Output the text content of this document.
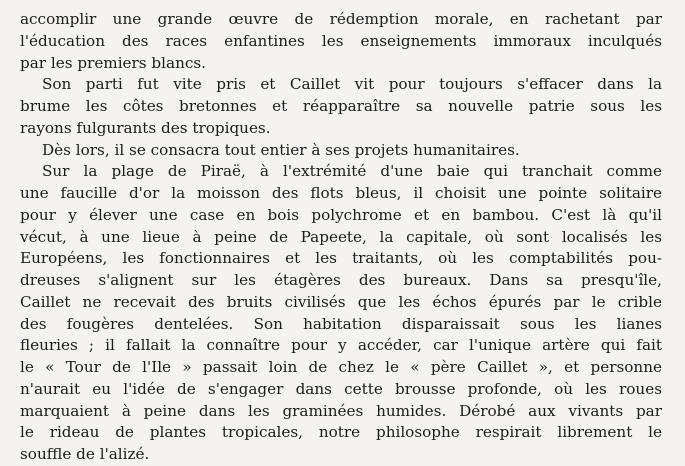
accomplir une grande œuvre de rédemption morale, en rachetant par
l'éducation des races enfantines les enseignements immoraux inculqués
par les premiers blancs.
Son parti fut vite pris et Caillet vit pour toujours s'effacer dans la
brume les côtes bretonnes et réapparaître sa nouvelle patrie sous les
rayons fulgurants des tropiques.
Dès lors, il se consacra tout entier à ses projets humanitaires.
Sur la plage de Piraë, à l'extrémité d'une baie qui tranchait comme
une faucille d'or la moisson des flots bleus, il choisit une pointe solitaire
pour y élever une case en bois polychrome et en bambou. C'est là qu'il
vécut, à une lieue à peine de Papeete, la capitale, où sont localisés les
Européens, les fonctionnaires et les traitants, où les comptabilités pou-
dreuses s'alignent sur les étagères des bureaux. Dans sa presqu'île,
Caillet ne recevait des bruits civilisés que les échos épurés par le crible
des fougères dentelées. Son habitation disparaissait sous les lianes
fleuries ; il fallait la connaître pour y accéder, car l'unique artère qui fait
le « Tour de l'Ile » passait loin de chez le « père Caillet », et personne
n'aurait eu l'idée de s'engager dans cette brousse profonde, où les roues
marquaient à peine dans les graminées humides. Dérobé aux vivants par
le rideau de plantes tropicales, notre philosophe respirait librement le
souffle de l'alizé.
